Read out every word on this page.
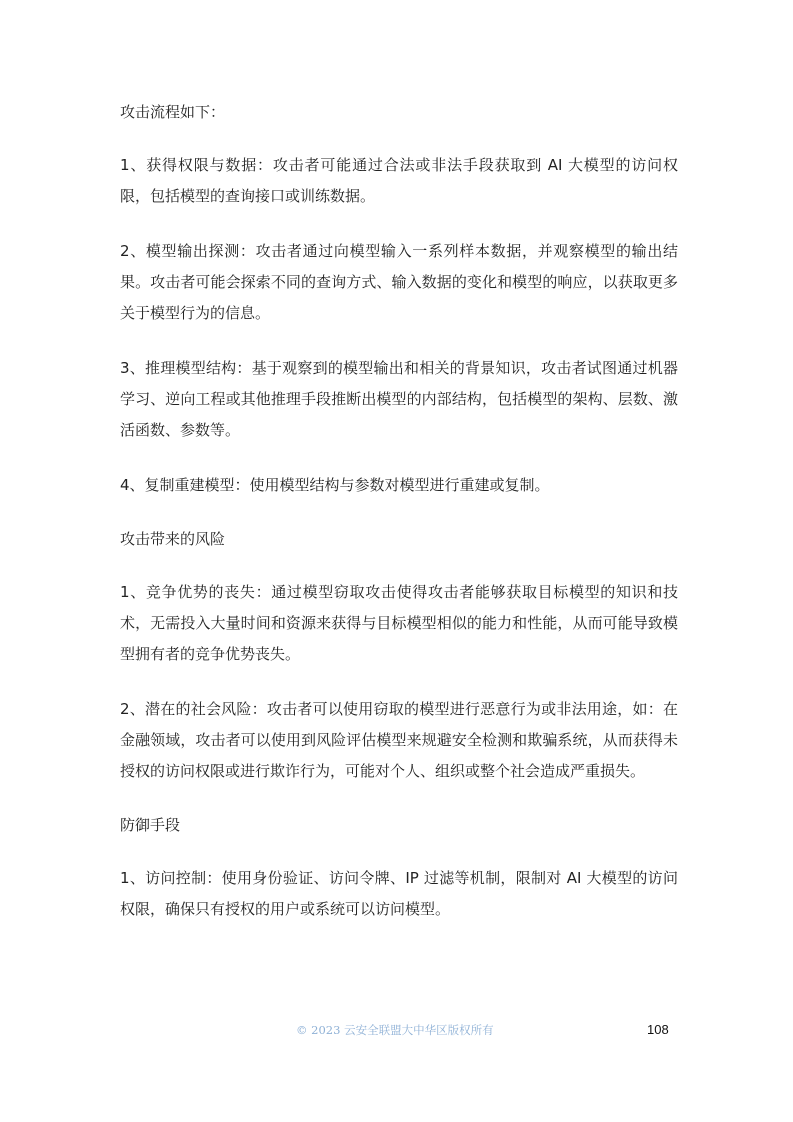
攻击流程如下：

1、获得权限与数据：攻击者可能通过合法或非法手段获取到 AI 大模型的访问权限，包括模型的查询接口或训练数据。

2、模型输出探测：攻击者通过向模型输入一系列样本数据，并观察模型的输出结果。攻击者可能会探索不同的查询方式、输入数据的变化和模型的响应，以获取更多关于模型行为的信息。

3、推理模型结构：基于观察到的模型输出和相关的背景知识，攻击者试图通过机器学习、逆向工程或其他推理手段推断出模型的内部结构，包括模型的架构、层数、激活函数、参数等。

4、复制重建模型：使用模型结构与参数对模型进行重建或复制。

攻击带来的风险

1、竞争优势的丧失：通过模型窃取攻击使得攻击者能够获取目标模型的知识和技术，无需投入大量时间和资源来获得与目标模型相似的能力和性能，从而可能导致模型拥有者的竞争优势丧失。

2、潜在的社会风险：攻击者可以使用窃取的模型进行恶意行为或非法用途，如：在金融领域，攻击者可以使用到风险评估模型来规避安全检测和欺骗系统，从而获得未授权的访问权限或进行欺诈行为，可能对个人、组织或整个社会造成严重损失。

防御手段

1、访问控制：使用身份验证、访问令牌、IP 过滤等机制，限制对 AI 大模型的访问权限，确保只有授权的用户或系统可以访问模型。

© 2023 云安全联盟大中华区版权所有	108
